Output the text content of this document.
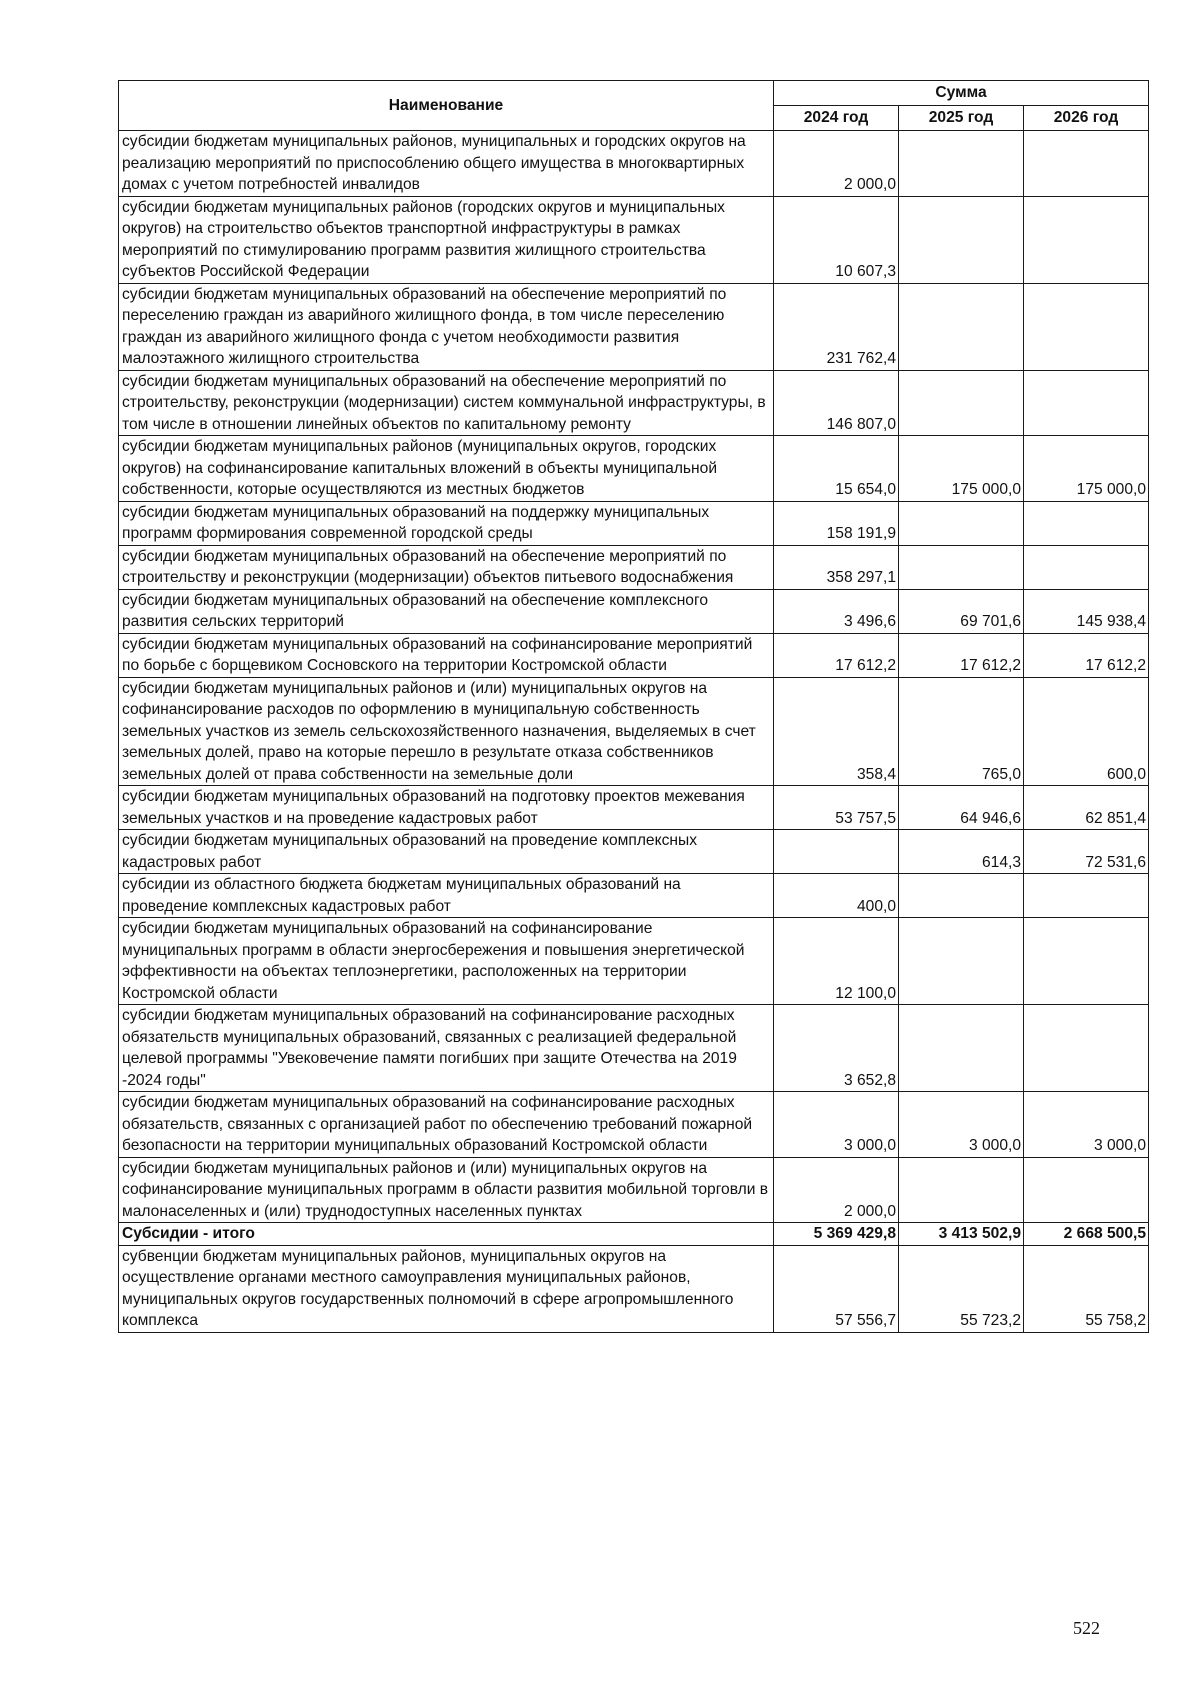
Наименование	Сумма		
	2024 год	2025 год	2026 год
субсидии бюджетам муниципальных районов, муниципальных и городских округов на реализацию мероприятий по приспособлению общего имущества в многоквартирных домах с учетом потребностей инвалидов	2 000,0		
субсидии бюджетам муниципальных районов (городских округов и муниципальных округов) на строительство объектов транспортной инфраструктуры в рамках мероприятий по стимулированию программ развития жилищного строительства субъектов Российской Федерации	10 607,3		
субсидии бюджетам муниципальных образований на обеспечение мероприятий по переселению граждан из аварийного жилищного фонда, в том числе переселению граждан из аварийного жилищного фонда с учетом необходимости развития малоэтажного жилищного строительства	231 762,4		
субсидии бюджетам муниципальных образований на обеспечение мероприятий по строительству, реконструкции (модернизации) систем коммунальной инфраструктуры, в том числе в отношении линейных объектов по капитальному ремонту	146 807,0		
субсидии бюджетам муниципальных районов (муниципальных округов, городских округов) на софинансирование капитальных вложений в объекты муниципальной собственности, которые осуществляются из местных бюджетов	15 654,0	175 000,0	175 000,0
субсидии бюджетам муниципальных образований на поддержку муниципальных программ формирования современной городской среды	158 191,9		
субсидии бюджетам муниципальных образований на обеспечение мероприятий по строительству и реконструкции (модернизации) объектов питьевого водоснабжения	358 297,1		
субсидии бюджетам муниципальных образований на обеспечение комплексного развития сельских территорий	3 496,6	69 701,6	145 938,4
субсидии бюджетам муниципальных образований на софинансирование мероприятий по борьбе с борщевиком Сосновского на территории Костромской области	17 612,2	17 612,2	17 612,2
субсидии бюджетам муниципальных районов и (или) муниципальных округов на софинансирование расходов по оформлению в муниципальную собственность земельных участков из земель сельскохозяйственного назначения, выделяемых в счет земельных долей, право на которые перешло в результате отказа собственников земельных долей от права собственности на земельные доли	358,4	765,0	600,0
субсидии бюджетам муниципальных образований на подготовку проектов межевания земельных участков и на проведение кадастровых работ	53 757,5	64 946,6	62 851,4
субсидии бюджетам муниципальных образований на проведение комплексных кадастровых работ		614,3	72 531,6
субсидии из областного бюджета бюджетам муниципальных образований на проведение комплексных кадастровых работ	400,0		
субсидии бюджетам муниципальных образований на софинансирование муниципальных программ в области энергосбережения и повышения энергетической эффективности на объектах теплоэнергетики, расположенных на территории Костромской области	12 100,0		
субсидии бюджетам муниципальных образований на софинансирование расходных обязательств муниципальных образований, связанных с реализацией федеральной целевой программы "Увековечение памяти погибших при защите Отечества на 2019 -2024 годы"	3 652,8		
субсидии бюджетам муниципальных образований на софинансирование расходных обязательств, связанных с организацией работ по обеспечению требований пожарной безопасности на территории муниципальных образований Костромской области	3 000,0	3 000,0	3 000,0
субсидии бюджетам муниципальных районов и (или) муниципальных округов на софинансирование муниципальных программ в области развития мобильной торговли в малонаселенных и (или) труднодоступных населенных пунктах	2 000,0		
Субсидии - итого	5 369 429,8	3 413 502,9	2 668 500,5
субвенции бюджетам муниципальных районов, муниципальных округов на осуществление органами местного самоуправления муниципальных районов, муниципальных округов государственных полномочий в сфере агропромышленного комплекса	57 556,7	55 723,2	55 758,2
522
